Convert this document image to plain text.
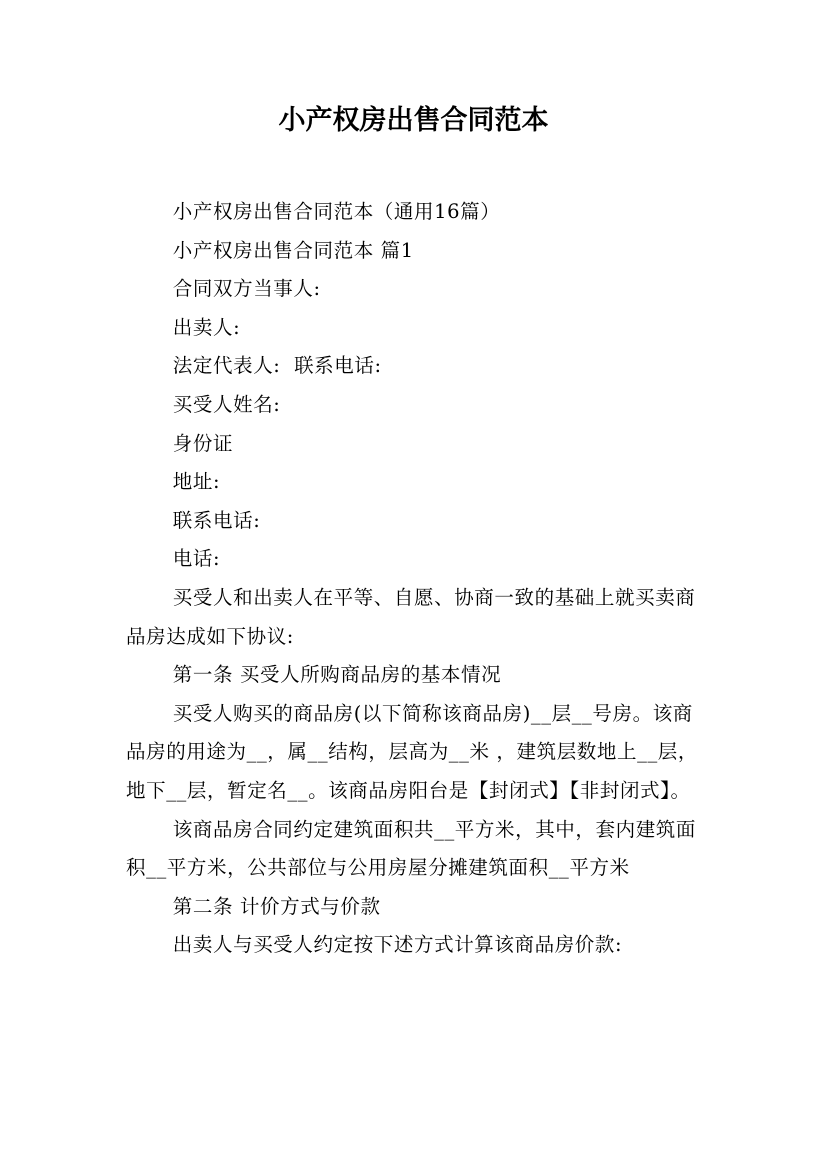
小产权房出售合同范本

小产权房出售合同范本（通用16篇）

小产权房出售合同范本 篇1

合同双方当事人:

出卖人:

法定代表人:  联系电话:

买受人姓名:

身份证

地址:

联系电话:

电话:

买受人和出卖人在平等、自愿、协商一致的基础上就买卖商品房达成如下协议:

第一条 买受人所购商品房的基本情况

买受人购买的商品房(以下简称该商品房)__层__号房。该商品房的用途为__，属__结构，层高为__米 ，建筑层数地上__层，地下__层，暂定名__。该商品房阳台是【封闭式】【非封闭式】。

该商品房合同约定建筑面积共__平方米，其中，套内建筑面积__平方米，公共部位与公用房屋分摊建筑面积__平方米

第二条 计价方式与价款

出卖人与买受人约定按下述方式计算该商品房价款:
